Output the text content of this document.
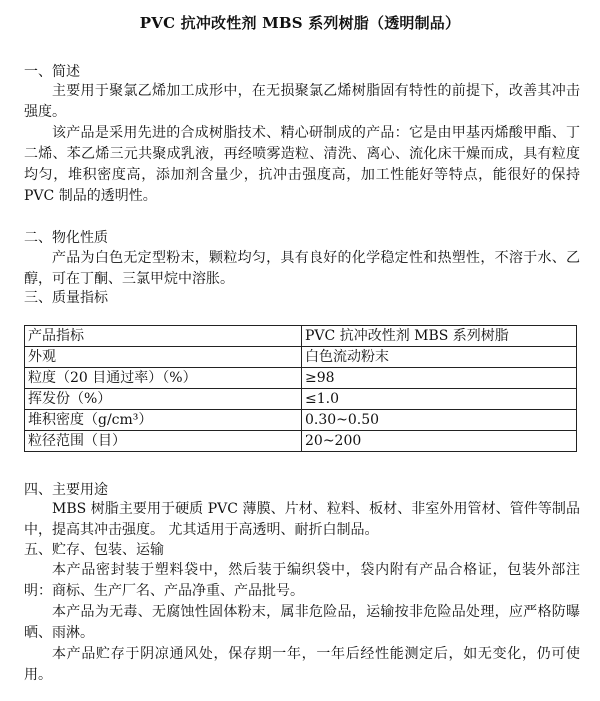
PVC 抗冲改性剂 MBS 系列树脂（透明制品）
一、简述
主要用于聚氯乙烯加工成形中，在无损聚氯乙烯树脂固有特性的前提下，改善其冲击强度。
该产品是采用先进的合成树脂技术、精心研制成的产品：它是由甲基丙烯酸甲酯、丁二烯、苯乙烯三元共聚成乳液，再经喷雾造粒、清洗、离心、流化床干燥而成，具有粒度均匀，堆积密度高，添加剂含量少，抗冲击强度高，加工性能好等特点，能很好的保持 PVC 制品的透明性。
二、物化性质
产品为白色无定型粉末，颗粒均匀，具有良好的化学稳定性和热塑性，不溶于水、乙醇，可在丁酮、三氯甲烷中溶胀。
三、质量指标
产品指标	PVC 抗冲改性剂 MBS 系列树脂
外观	白色流动粉末
粒度（20 目通过率）（%）	≥98
挥发份（%）	≤1.0
堆积密度（g/cm³）	0.30~0.50
粒径范围（目）	20~200
四、主要用途
MBS 树脂主要用于硬质 PVC 薄膜、片材、粒料、板材、非室外用管材、管件等制品中，提高其冲击强度。 尤其适用于高透明、耐折白制品。
五、贮存、包装、运输
本产品密封装于塑料袋中，然后装于编织袋中，袋内附有产品合格证，包装外部注明：商标、生产厂名、产品净重、产品批号。
本产品为无毒、无腐蚀性固体粉末，属非危险品，运输按非危险品处理，应严格防曝晒、雨淋。
本产品贮存于阴凉通风处，保存期一年，一年后经性能测定后，如无变化，仍可使用。
